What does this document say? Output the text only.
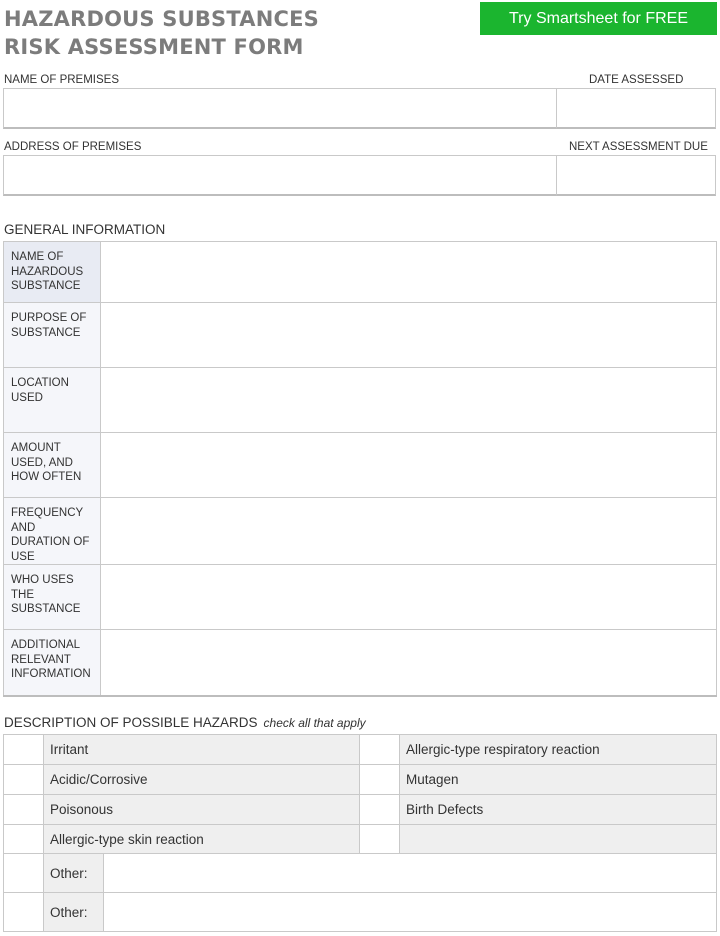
HAZARDOUS SUBSTANCES
RISK ASSESSMENT FORM
Try Smartsheet for FREE
NAME OF PREMISES	DATE ASSESSED
ADDRESS OF PREMISES	NEXT ASSESSMENT DUE
GENERAL INFORMATION
NAME OF HAZARDOUS SUBSTANCE	
PURPOSE OF SUBSTANCE	
LOCATION USED	
AMOUNT USED, AND HOW OFTEN	
FREQUENCY AND DURATION OF USE	
WHO USES THE SUBSTANCE	
ADDITIONAL RELEVANT INFORMATION	
DESCRIPTION OF POSSIBLE HAZARDS check all that apply
	Irritant			Allergic-type respiratory reaction
	Acidic/Corrosive			Mutagen
	Poisonous			Birth Defects
	Allergic-type skin reaction			
	Other:			
	Other:			
